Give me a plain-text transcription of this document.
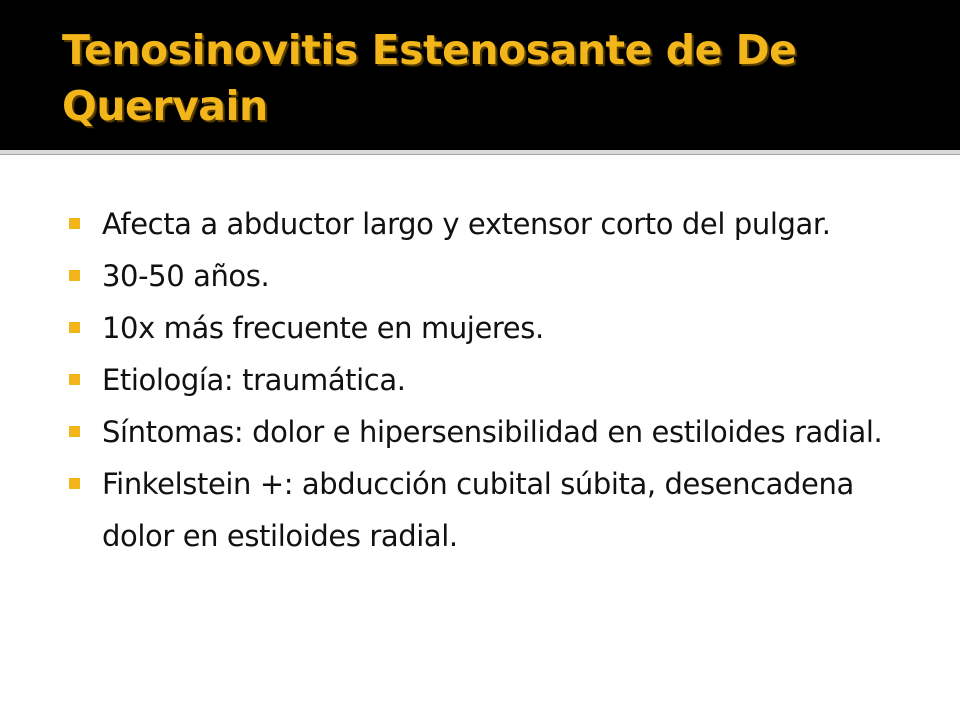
Tenosinovitis Estenosante de De Quervain
Afecta a abductor largo y extensor corto del pulgar.
30-50 años.
10x más frecuente en mujeres.
Etiología: traumática.
Síntomas: dolor e hipersensibilidad en estiloides radial.
Finkelstein +: abducción cubital súbita, desencadena dolor en estiloides radial.
